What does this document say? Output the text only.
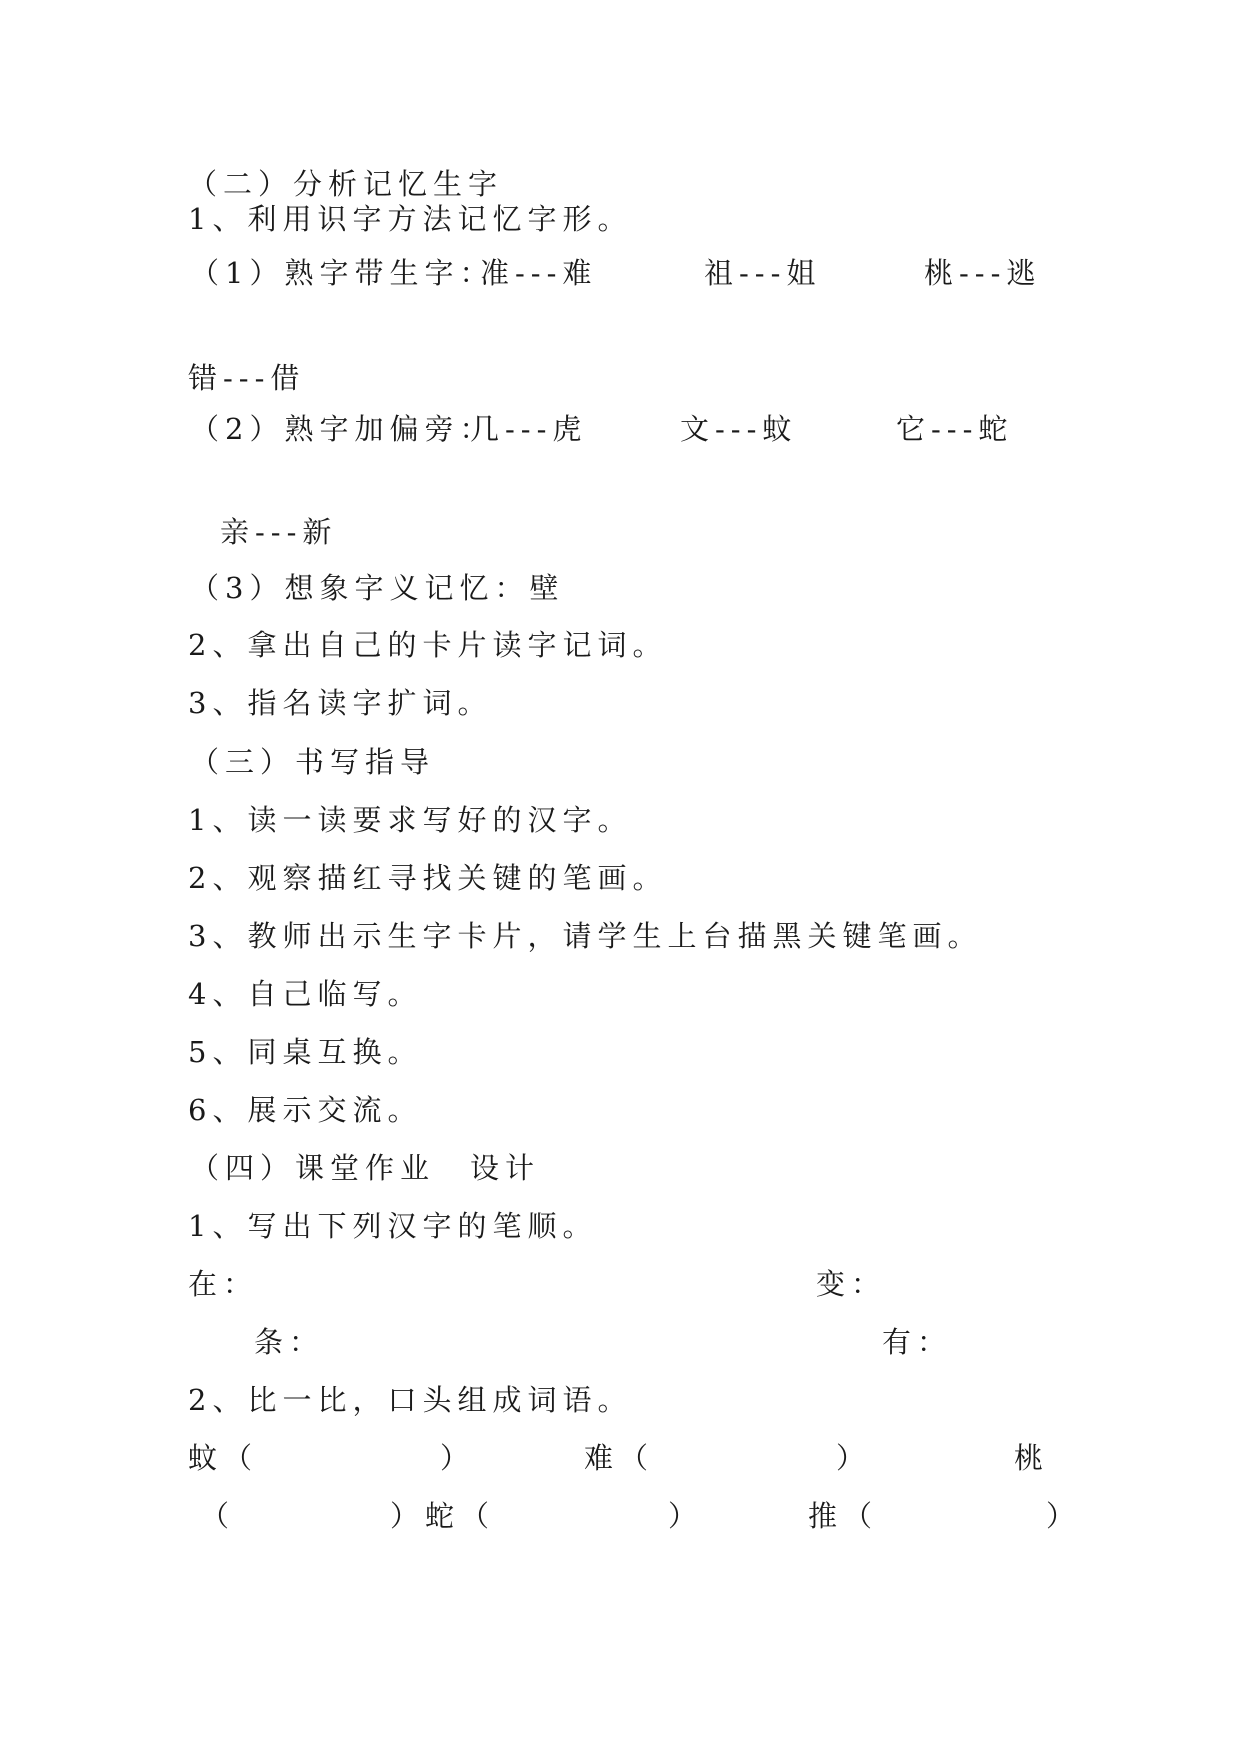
（二）分析记忆生字
1、利用识字方法记忆字形。
（1）熟字带生字：
准---难	祖---姐	桃---逃
错---借
（2）熟字加偏旁：
几---虎	文---蚊	它---蛇
亲---新
（3）想象字义记忆：壁
2、拿出自己的卡片读字记词。
3、指名读字扩词。
（三）书写指导
1、读一读要求写好的汉字。
2、观察描红寻找关键的笔画。
3、教师出示生字卡片，请学生上台描黑关键笔画。
4、自己临写。
5、同桌互换。
6、展示交流。
（四）课堂作业　设计
1、写出下列汉字的笔顺。
在：	变：
条：	有：
2、比一比，口头组成词语。
蚊（	）	难（	）	桃
（	）蛇（	）	推（	）
